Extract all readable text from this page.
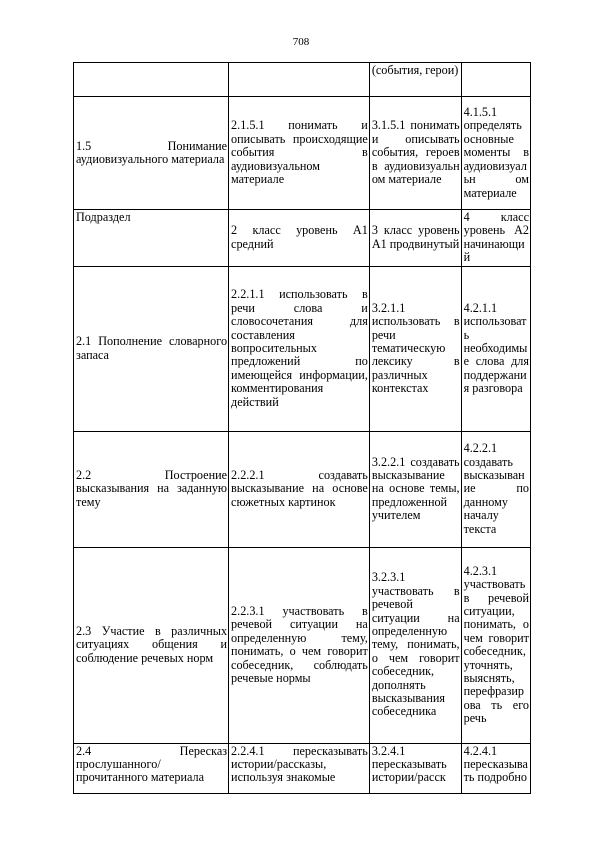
708
		(события, герои)	
1.5 Понимание аудиовизуального материала	2.1.5.1 понимать и описывать происходящие события в аудиовизуальном материале	3.1.5.1 понимать и описывать события, героев в аудиовизуальн ом материале	4.1.5.1 определять основные моменты в аудиовизуальн ом материале
Подраздел	2 класс уровень A1 средний	3 класс уровень A1 продвинутый	4 класс уровень A2 начинающий
2.1 Пополнение словарного запаса	2.2.1.1 использовать в речи слова и словосочетания для составления вопросительных предложений по имеющейся информации, комментирования действий	3.2.1.1 использовать в речи тематическую лексику в различных контекстах	4.2.1.1 использовать необходимые слова для поддержания разговора
2.2 Построение высказывания на заданную тему	2.2.2.1 создавать высказывание на основе сюжетных картинок	3.2.2.1 создавать высказывание на основе темы, предложенной учителем	4.2.2.1 создавать высказывание по данному началу текста
2.3 Участие в различных ситуациях общения и соблюдение речевых норм	2.2.3.1 участвовать в речевой ситуации на определенную тему, понимать, о чем говорит собеседник, соблюдать речевые нормы	3.2.3.1 участвовать в речевой ситуации на определенную тему, понимать, о чем говорит собеседник, дополнять высказывания собеседника	4.2.3.1 участвовать в речевой ситуации, понимать, о чем говорит собеседник, уточнять, выяснять, перефразирова ть его речь
2.4 Пересказ прослушанного/прочитанного материала	2.2.4.1 пересказывать истории/рассказы, используя знакомые	3.2.4.1 пересказывать истории/расск	4.2.4.1 пересказывать подробно
